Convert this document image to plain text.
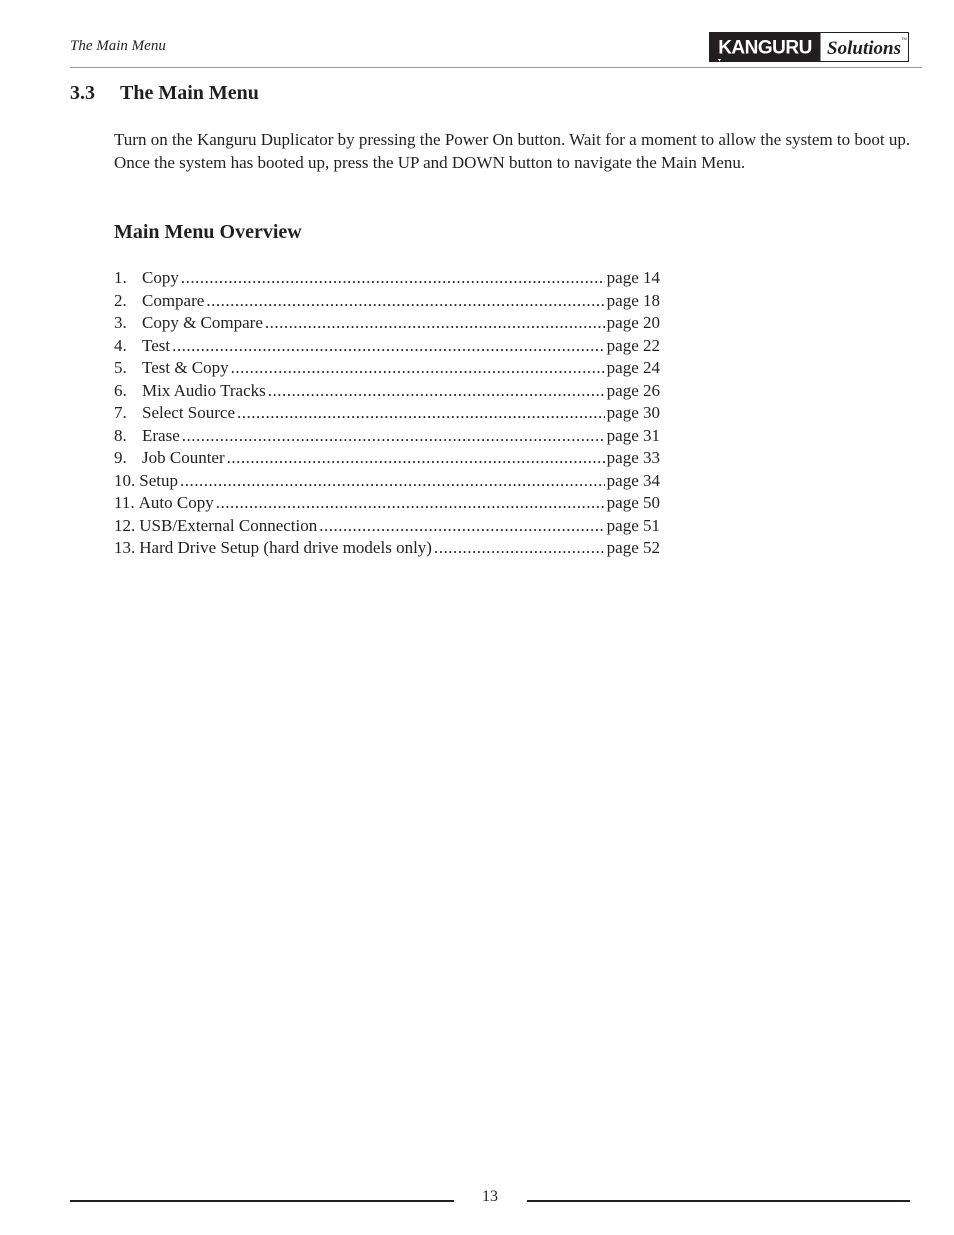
The Main Menu	KANGURU Solutions TM
3.3 The Main Menu

Turn on the Kanguru Duplicator by pressing the Power On button. Wait for a moment to allow the system to boot up. Once the system has booted up, press the UP and DOWN button to navigate the Main Menu.

Main Menu Overview
1. Copy .....	page 14
2. Compare .....	page 18
3. Copy & Compare .....	page 20
4. Test .....	page 22
5. Test & Copy .....	page 24
6. Mix Audio Tracks .....	page 26
7. Select Source .....	page 30
8. Erase .....	page 31
9. Job Counter .....	page 33
10. Setup .....	page 34
11. Auto Copy .....	page 50
12. USB/External Connection .....	page 51
13. Hard Drive Setup (hard drive models only) .....	page 52
13
